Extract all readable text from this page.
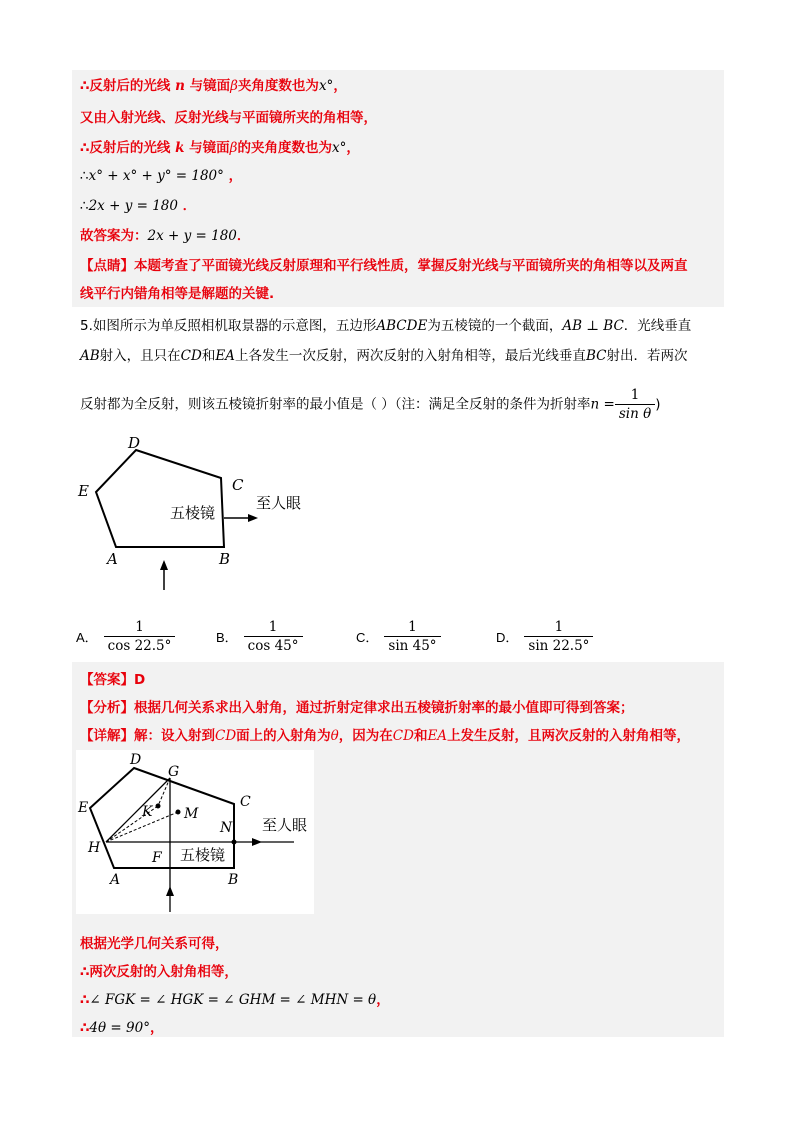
∴反射后的光线 n 与镜面β夹角度数也为x°，
又由入射光线、反射光线与平面镜所夹的角相等，
∴反射后的光线 k 与镜面β的夹角度数也为x°，
∴x° + x° + y° = 180° ，
∴2x + y = 180 ．
故答案为：2x + y = 180．
【点睛】本题考查了平面镜光线反射原理和平行线性质，掌握反射光线与平面镜所夹的角相等以及两直
线平行内错角相等是解题的关键.
5.如图所示为单反照相机取景器的示意图，五边形ABCDE为五棱镜的一个截面，AB ⊥ BC．光线垂直
AB射入，且只在CD和EA上各发生一次反射，两次反射的入射角相等，最后光线垂直BC射出．若两次
反射都为全反射，则该五棱镜折射率的最小值是（ ）（注：满足全反射的条件为折射率$n = \frac{1}{\text{sin θ}}$ )
D
C
E
A	B
五棱镜
至人眼
A． $\frac{1}{\cos 22.5^\circ}$	B． $\frac{1}{\cos 45^\circ}$	C． $\frac{1}{\sin 45^\circ}$	D． $\frac{1}{\sin 22.5^\circ}$
【答案】D
【分析】根据几何关系求出入射角，通过折射定律求出五棱镜折射率的最小值即可得到答案；
【详解】解：设入射到CD面上的入射角为θ，因为在CD和EA上发生反射，且两次反射的入射角相等，
D
G
C
E	K M
N
H
F
A	B
五棱镜
至人眼
根据光学几何关系可得，
∴两次反射的入射角相等，
∴∠ FGK = ∠ HGK = ∠ GHM = ∠ MHN = θ，
∴4θ = 90°，
